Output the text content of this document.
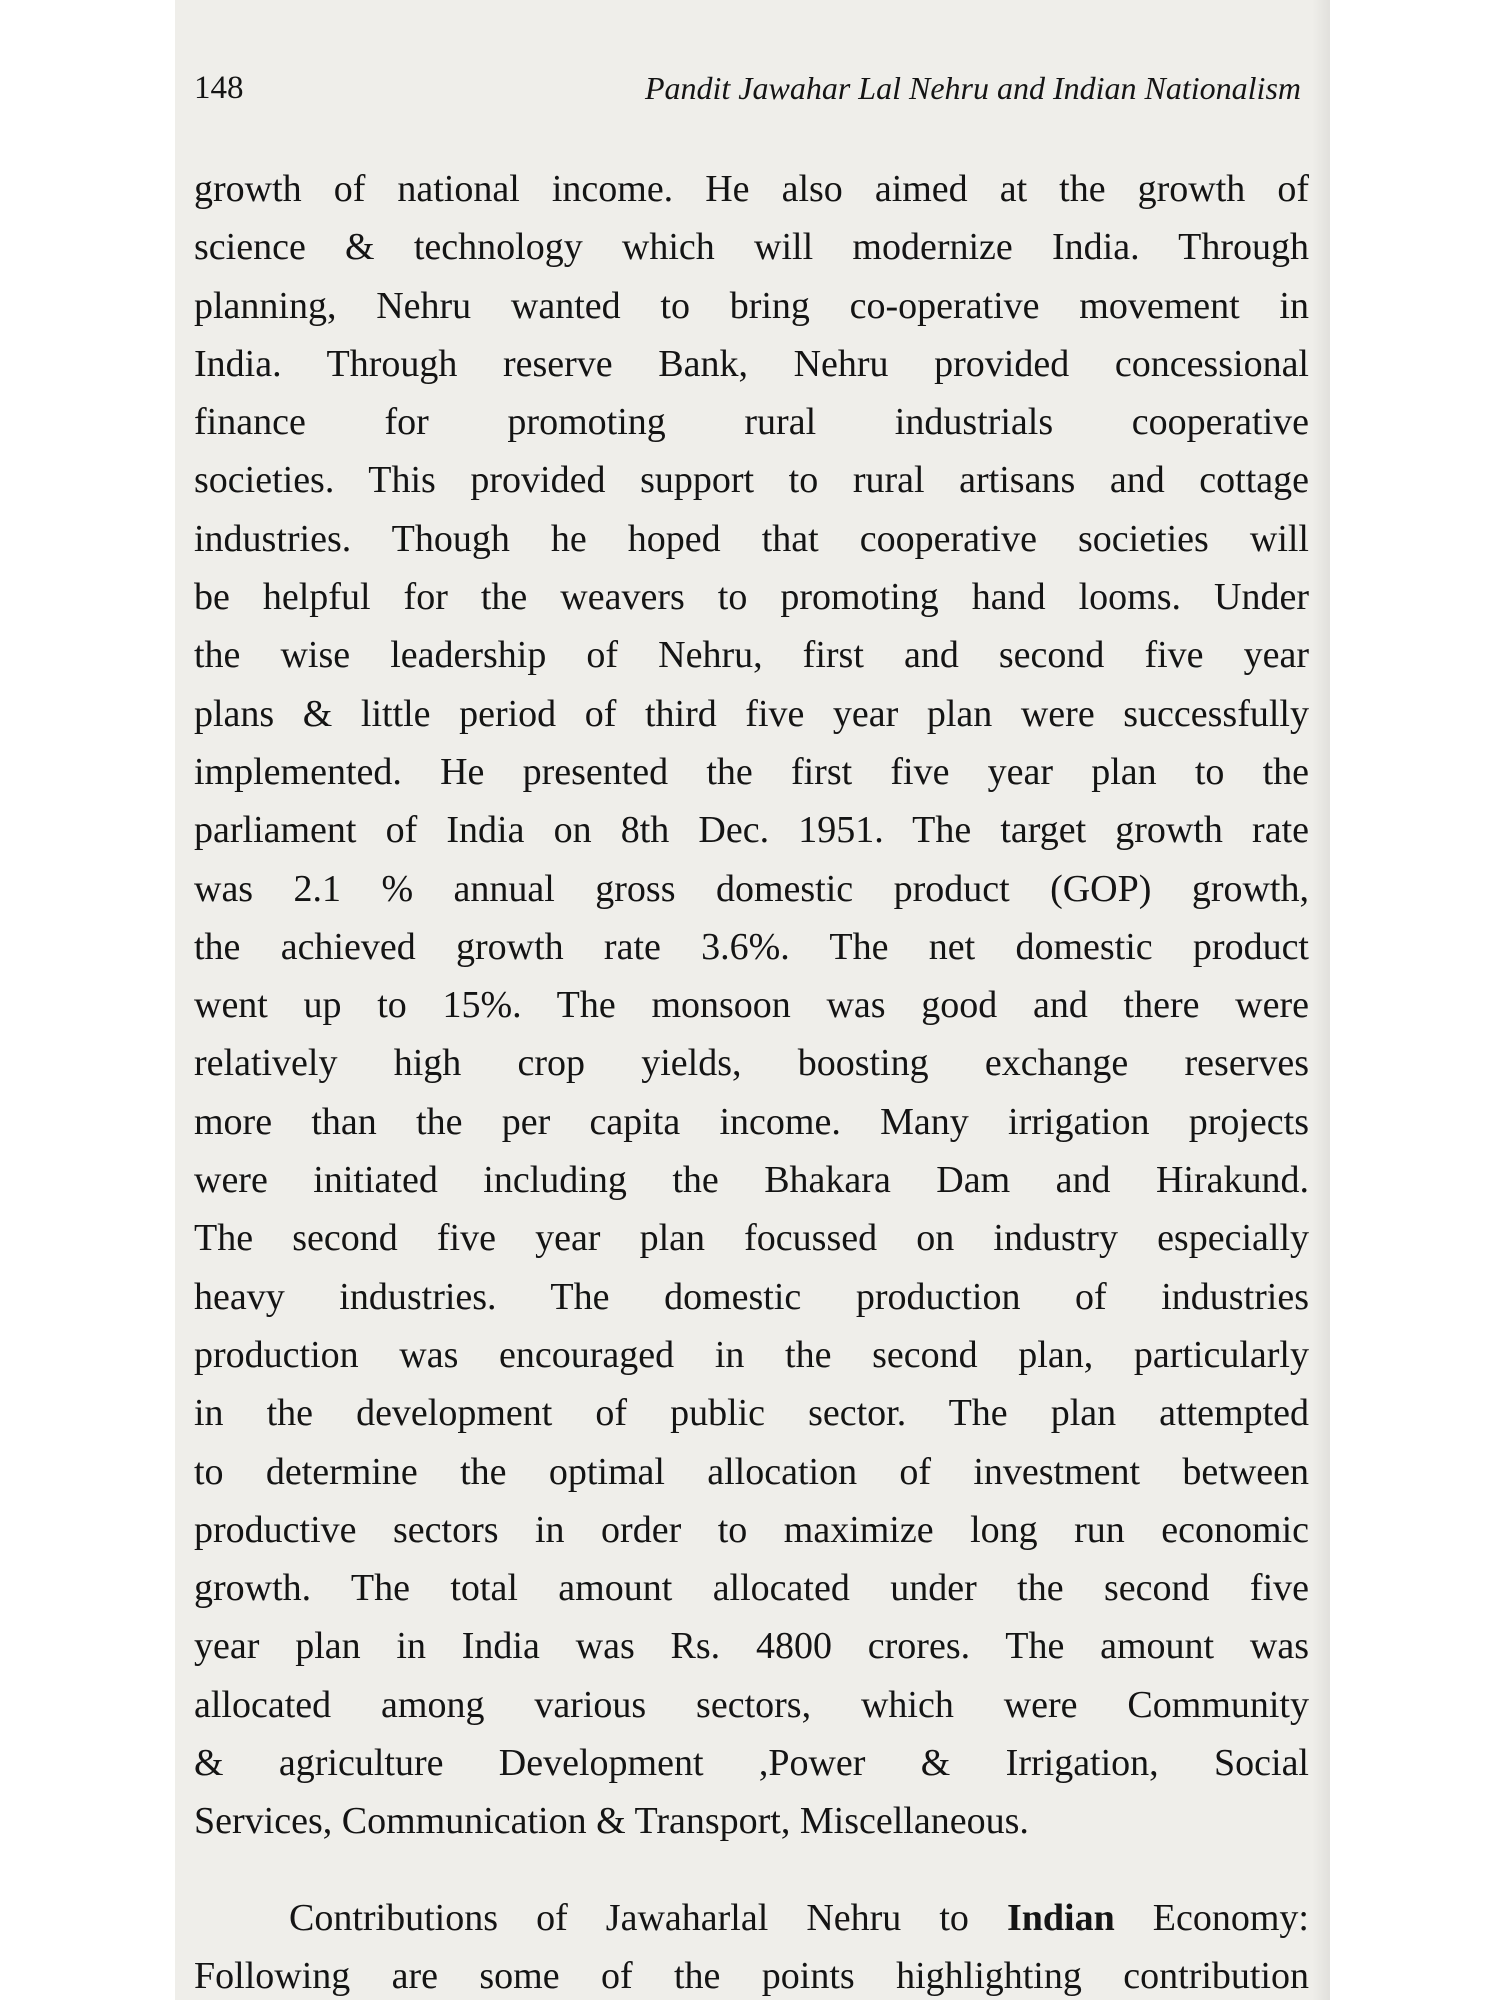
148	Pandit Jawahar Lal Nehru and Indian Nationalism
growth of national income. He also aimed at the growth of
science & technology which will modernize India. Through
planning, Nehru wanted to bring co-operative movement in
India. Through reserve Bank, Nehru provided concessional
finance for promoting rural industrials cooperative
societies. This provided support to rural artisans and cottage
industries. Though he hoped that cooperative societies will
be helpful for the weavers to promoting hand looms. Under
the wise leadership of Nehru, first and second five year
plans & little period of third five year plan were successfully
implemented. He presented the first five year plan to the
parliament of India on 8th Dec. 1951. The target growth rate
was 2.1 % annual gross domestic product (GOP) growth,
the achieved growth rate 3.6%. The net domestic product
went up to 15%. The monsoon was good and there were
relatively high crop yields, boosting exchange reserves
more than the per capita income. Many irrigation projects
were initiated including the Bhakara Dam and Hirakund.
The second five year plan focussed on industry especially
heavy industries. The domestic production of industries
production was encouraged in the second plan, particularly
in the development of public sector. The plan attempted
to determine the optimal allocation of investment between
productive sectors in order to maximize long run economic
growth. The total amount allocated under the second five
year plan in India was Rs. 4800 crores. The amount was
allocated among various sectors, which were Community
& agriculture Development ,Power & Irrigation, Social
Services, Communication & Transport, Miscellaneous.
Contributions of Jawaharlal Nehru to Indian Economy:
Following are some of the points highlighting contribution
